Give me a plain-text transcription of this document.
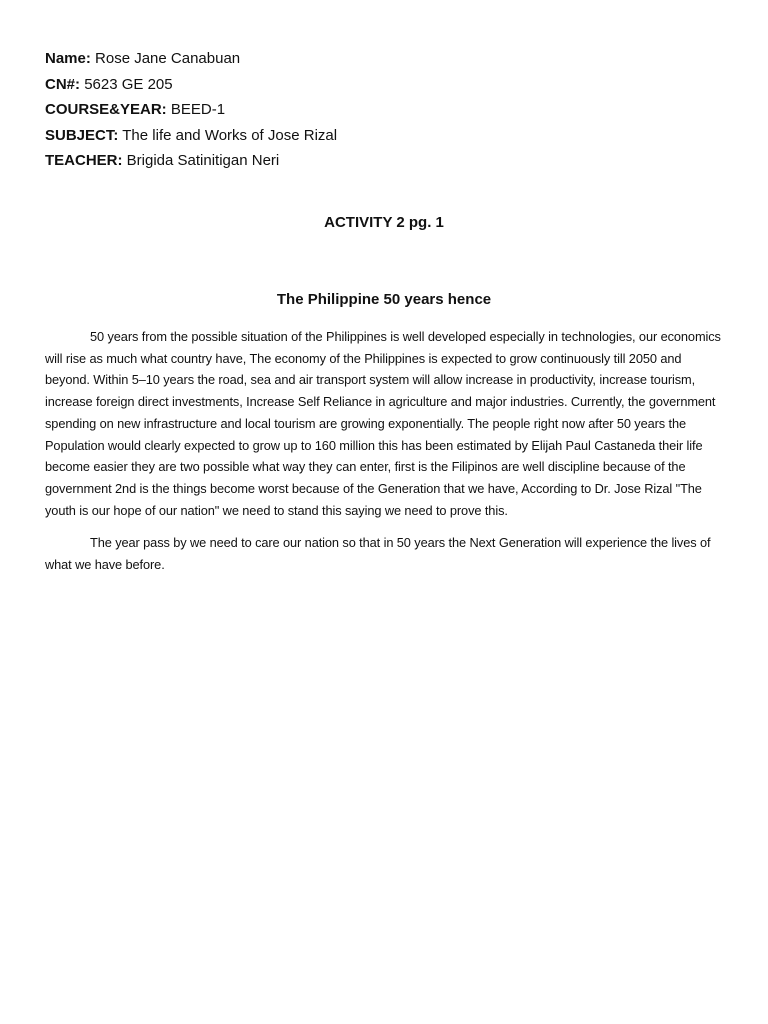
Name: Rose Jane Canabuan
CN#: 5623 GE 205
COURSE&YEAR: BEED-1
SUBJECT: The life and Works of Jose Rizal
TEACHER: Brigida Satinitigan Neri
ACTIVITY 2 pg. 1
The Philippine 50 years hence

50 years from the possible situation of the Philippines is well developed especially in technologies, our economics will rise as much what country have, The economy of the Philippines is expected to grow continuously till 2050 and beyond. Within 5–10 years the road, sea and air transport system will allow increase in productivity, increase tourism, increase foreign direct investments, Increase Self Reliance in agriculture and major industries. Currently, the government spending on new infrastructure and local tourism are growing exponentially. The people right now after 50 years the Population would clearly expected to grow up to 160 million this has been estimated by Elijah Paul Castaneda their life become easier they are two possible what way they can enter, first is the Filipinos are well discipline because of the government 2nd is the things become worst because of the Generation that we have, According to Dr. Jose Rizal "The youth is our hope of our nation" we need to stand this saying we need to prove this.

The year pass by we need to care our nation so that in 50 years the Next Generation will experience the lives of what we have before.
